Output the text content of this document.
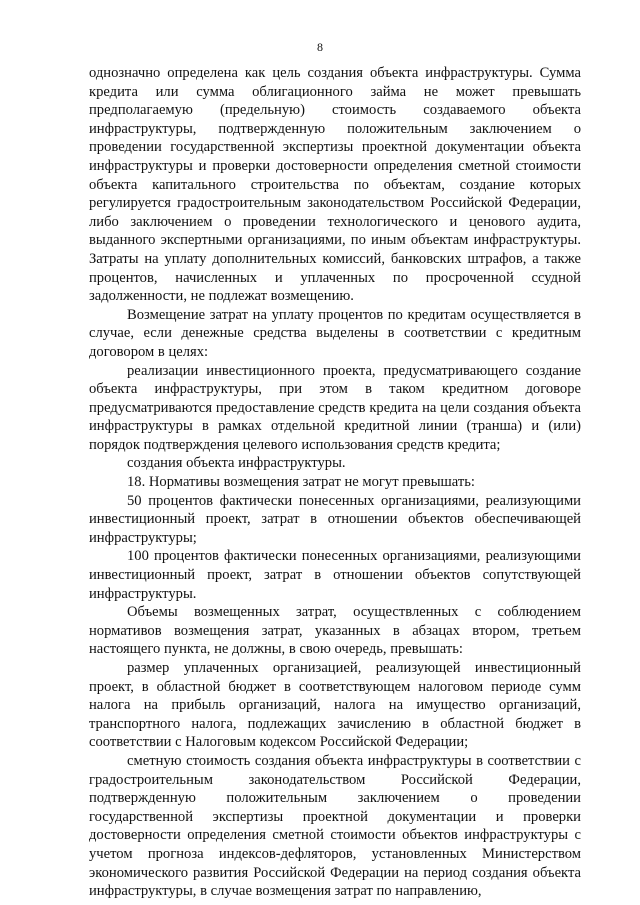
8

однозначно определена как цель создания объекта инфраструктуры. Сумма кредита или сумма облигационного займа не может превышать предполагаемую (предельную) стоимость создаваемого объекта инфраструктуры, подтвержденную положительным заключением о проведении государственной экспертизы проектной документации объекта инфраструктуры и проверки достоверности определения сметной стоимости объекта капитального строительства по объектам, создание которых регулируется градостроительным законодательством Российской Федерации, либо заключением о проведении технологического и ценового аудита, выданного экспертными организациями, по иным объектам инфраструктуры. Затраты на уплату дополнительных комиссий, банковских штрафов, а также процентов, начисленных и уплаченных по просроченной ссудной задолженности, не подлежат возмещению.

Возмещение затрат на уплату процентов по кредитам осуществляется в случае, если денежные средства выделены в соответствии с кредитным договором в целях:

реализации инвестиционного проекта, предусматривающего создание объекта инфраструктуры, при этом в таком кредитном договоре предусматриваются предоставление средств кредита на цели создания объекта инфраструктуры в рамках отдельной кредитной линии (транша) и (или) порядок подтверждения целевого использования средств кредита;

создания объекта инфраструктуры.

18. Нормативы возмещения затрат не могут превышать:

50 процентов фактически понесенных организациями, реализующими инвестиционный проект, затрат в отношении объектов обеспечивающей инфраструктуры;

100 процентов фактически понесенных организациями, реализующими инвестиционный проект, затрат в отношении объектов сопутствующей инфраструктуры.

Объемы возмещенных затрат, осуществленных с соблюдением нормативов возмещения затрат, указанных в абзацах втором, третьем настоящего пункта, не должны, в свою очередь, превышать:

размер уплаченных организацией, реализующей инвестиционный проект, в областной бюджет в соответствующем налоговом периоде сумм налога на прибыль организаций, налога на имущество организаций, транспортного налога, подлежащих зачислению в областной бюджет в соответствии с Налоговым кодексом Российской Федерации;

сметную стоимость создания объекта инфраструктуры в соответствии с градостроительным законодательством Российской Федерации, подтвержденную положительным заключением о проведении государственной экспертизы проектной документации и проверки достоверности определения сметной стоимости объектов инфраструктуры с учетом прогноза индексов-дефляторов, установленных Министерством экономического развития Российской Федерации на период создания объекта инфраструктуры, в случае возмещения затрат по направлению,
